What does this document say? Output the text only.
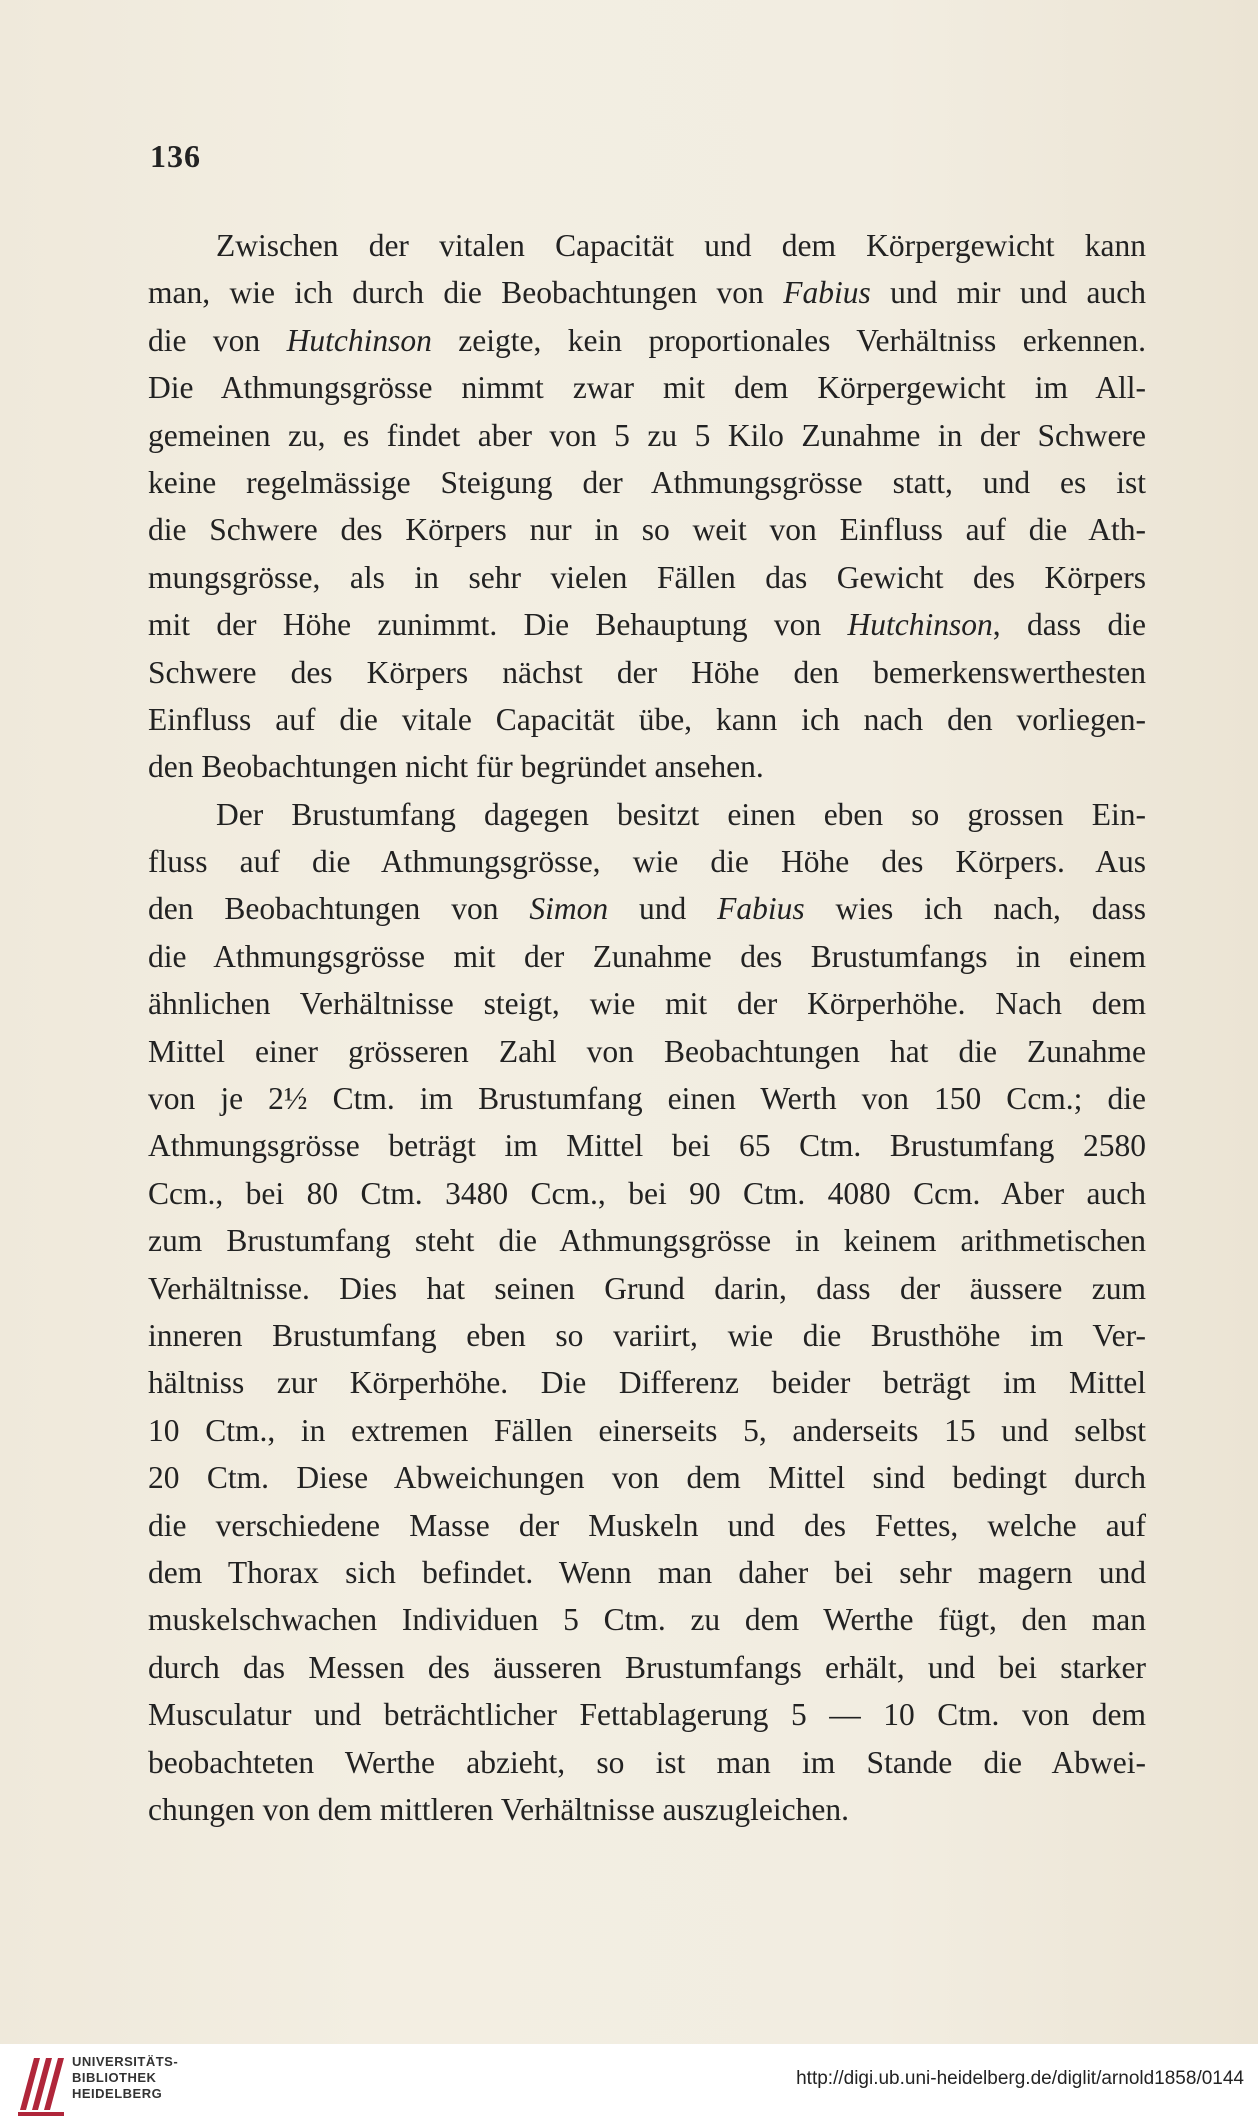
136
Zwischen der vitalen Capacität und dem Körpergewicht kann
man, wie ich durch die Beobachtungen von Fabius und mir und auch
die von Hutchinson zeigte, kein proportionales Verhältniss erkennen.
Die Athmungsgrösse nimmt zwar mit dem Körpergewicht im All-
gemeinen zu, es findet aber von 5 zu 5 Kilo Zunahme in der Schwere
keine regelmässige Steigung der Athmungsgrösse statt, und es ist
die Schwere des Körpers nur in so weit von Einfluss auf die Ath-
mungsgrösse, als in sehr vielen Fällen das Gewicht des Körpers
mit der Höhe zunimmt. Die Behauptung von Hutchinson, dass die
Schwere des Körpers nächst der Höhe den bemerkenswerthesten
Einfluss auf die vitale Capacität übe, kann ich nach den vorliegen-
den Beobachtungen nicht für begründet ansehen.
Der Brustumfang dagegen besitzt einen eben so grossen Ein-
fluss auf die Athmungsgrösse, wie die Höhe des Körpers. Aus
den Beobachtungen von Simon und Fabius wies ich nach, dass
die Athmungsgrösse mit der Zunahme des Brustumfangs in einem
ähnlichen Verhältnisse steigt, wie mit der Körperhöhe. Nach dem
Mittel einer grösseren Zahl von Beobachtungen hat die Zunahme
von je 2½ Ctm. im Brustumfang einen Werth von 150 Ccm.; die
Athmungsgrösse beträgt im Mittel bei 65 Ctm. Brustumfang 2580
Ccm., bei 80 Ctm. 3480 Ccm., bei 90 Ctm. 4080 Ccm. Aber auch
zum Brustumfang steht die Athmungsgrösse in keinem arithmetischen
Verhältnisse. Dies hat seinen Grund darin, dass der äussere zum
inneren Brustumfang eben so variirt, wie die Brusthöhe im Ver-
hältniss zur Körperhöhe. Die Differenz beider beträgt im Mittel
10 Ctm., in extremen Fällen einerseits 5, anderseits 15 und selbst
20 Ctm. Diese Abweichungen von dem Mittel sind bedingt durch
die verschiedene Masse der Muskeln und des Fettes, welche auf
dem Thorax sich befindet. Wenn man daher bei sehr magern und
muskelschwachen Individuen 5 Ctm. zu dem Werthe fügt, den man
durch das Messen des äusseren Brustumfangs erhält, und bei starker
Musculatur und beträchtlicher Fettablagerung 5 — 10 Ctm. von dem
beobachteten Werthe abzieht, so ist man im Stande die Abwei-
chungen von dem mittleren Verhältnisse auszugleichen.
UNIVERSITÄTS-
BIBLIOTHEK
HEIDELBERG
http://digi.ub.uni-heidelberg.de/diglit/arnold1858/0144
